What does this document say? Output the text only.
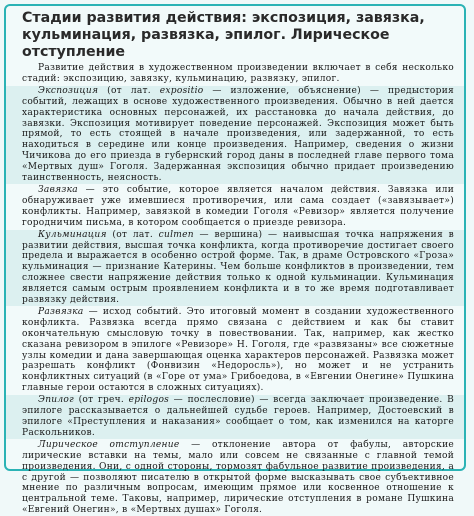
Стадии развития действия: экспозиция, завязка, кульминация, развязка, эпилог. Лирическое отступление

Развитие действия в художественном произведении включает в себя несколько стадий: экспозицию, завязку, кульминацию, развязку, эпилог.

Экспозиция (от лат. expositio — изложение, объяснение) — предыстория событий, лежащих в основе художественного произведения. Обычно в ней дается характеристика основных персонажей, их расстановка до начала действия, до завязки. Экспозиция мотивирует поведение персонажей. Экспозиция может быть прямой, то есть стоящей в начале произведения, или задержанной, то есть находиться в середине или конце произведения. Например, сведения о жизни Чичикова до его приезда в губернский город даны в последней главе первого тома «Мертвых душ» Гоголя. Задержанная экспозиция обычно придает произведению таинственность, неясность.

Завязка — это событие, которое является началом действия. Завязка или обнаруживает уже имевшиеся противоречия, или сама создает («завязывает») конфликты. Например, завязкой в комедии Гоголя «Ревизор» является получение городничим письма, в котором сообщается о приезде ревизора.

Кульминация (от лат. culmen — вершина) — наивысшая точка напряжения в развитии действия, высшая точка конфликта, когда противоречие достигает своего предела и выражается в особенно острой форме. Так, в драме Островского «Гроза» кульминация — признание Катерины. Чем больше конфликтов в произведении, тем сложнее свести напряжение действия только к одной кульминации. Кульминация является самым острым проявлением конфликта и в то же время подготавливает развязку действия.

Развязка — исход событий. Это итоговый момент в создании художественного конфликта. Развязка всегда прямо связана с действием и как бы ставит окончательную смысловую точку в повествовании. Так, например, как жестко сказана ревизором в эпилоге «Ревизоре» Н. Гоголя, где «развязаны» все сюжетные узлы комедии и дана завершающая оценка характеров персонажей. Развязка может разрешать конфликт (Фонвизин «Недоросль»), но может и не устранить конфликтных ситуаций (в «Горе от ума» Грибоедова, в «Евгении Онегине» Пушкина главные герои остаются в сложных ситуациях).

Эпилог (от греч. epilogos — послесловие) — всегда заключает произведение. В эпилоге рассказывается о дальнейшей судьбе героев. Например, Достоевский в эпилоге «Преступления и наказания» сообщает о том, как изменился на каторге Раскольников.

Лирическое отступление — отклонение автора от фабулы, авторские лирические вставки на темы, мало или совсем не связанные с главной темой произведения. Они, с одной стороны, тормозят фабульное развитие произведения, а с другой — позволяют писателю в открытой форме высказывать свое субъективное мнение по различным вопросам, имеющим прямое или косвенное отношение к центральной теме. Таковы, например, лирические отступления в романе Пушкина «Евгений Онегин», в «Мертвых душах» Гоголя.
